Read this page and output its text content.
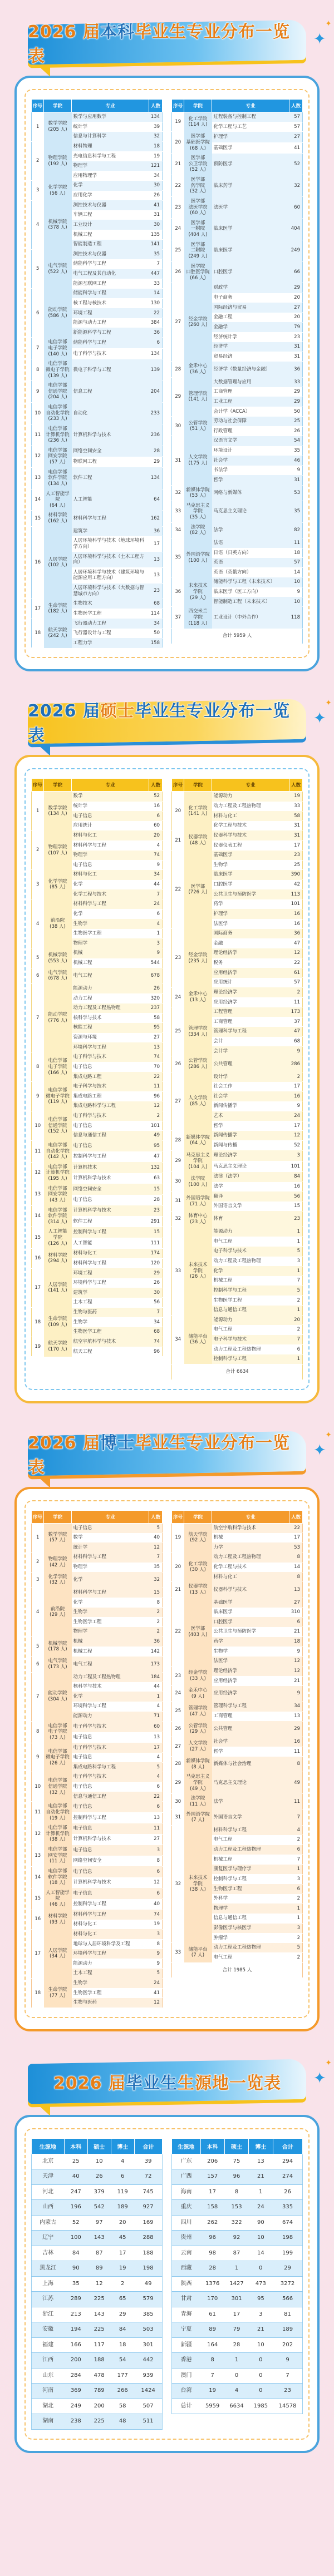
2026 届本科毕业生专业分布一览表
✦
✦
序号	学院	专业	人数
1	数学学院
(205 人)	数学与应用数学	134
		统计学	39
		信息与计算科学	32
2	物理学院
(192 人)	材料物理	18
		光电信息科学与工程	19
		物理学	121
		应用物理学	34
3	化学学院
(56 人)	化学	30
		应用化学	26
4	机械学院
(378 人)	测控技术与仪器	41
		车辆工程	31
		工业设计	30
		机械工程	135
		智能制造工程	141
5	电气学院
(522 人)	测控技术与仪器	35
		储能科学与工程	7
		电气工程及其自动化	447
		能源互联网工程	33
6	能动学院
(586 人)	储能科学与工程	14
		核工程与核技术	130
		环境工程	22
		能源与动力工程	384
		新能源科学与工程	36
7	电信学部
电子学院
(140 人)	储能科学与工程	6
		电子科学与技术	134
8	电信学部
微电子学院
(139 人)	微电子科学与工程	139
9	电信学部
信通学院
(204 人)	信息工程	204
10	电信学部
自动化学院
(233 人)	自动化	233
11	电信学部
计算机学院
(236 人)	计算机科学与技术	236
12	电信学部
网安学院
(57 人)	网络空间安全	28
		物联网工程	29
13	电信学部
软件学院
(134 人)	软件工程	134
14	人工智能学院
(64 人)	人工智能	64
15	材料学院
(162 人)	材料科学与工程	162
16	人居学院
(102 人)	建筑学	36
		人居环境科学与技术（地球环境科学方向）	17
		人居环境科学与技术（土木工程方向）	13
		人居环境科学与技术（建筑环境与能源应用工程方向）	13
		人居环境科学与技术（大数据与智慧城市方向）	23
17	生命学院
(182 人)	生物技术	68
		生物医学工程	114
18	航天学院
(242 人)	飞行器动力工程	34
		飞行器设计与工程	50
		工程力学	158
序号	学院	专业	人数
19	化工学院
(114 人)	过程装备与控制工程	57
		化学工程与工艺	57
20	医学部
基础医学院
(68 人)	护理学	27
		基础医学	41
21	医学部
公卫学院
(52 人)	预防医学	52
22	医学部
药学院
(32 人)	临床药学	32
23	医学部
法医学院
(60 人)	法医学	60
24	医学部
一附院
(404 人)	临床医学	404
25	医学部
二附院
(249 人)	临床医学	249
26	医学院
口腔医学院
(66 人)	口腔医学	66
27	经金学院
(260 人)	财政学	29
		电子商务	20
		国际经济与贸易	27
		金融工程	20
		金融学	79
		经济统计学	23
		经济学	31
		贸易经济	31
28	金禾中心
(36 人)	经济学（数量经济与金融）	36
29	管理学院
(141 人)	大数据管理与应用	33
		工商管理	29
		工业工程	29
		会计学（ACCA）	50
30	公管学院
(51 人)	劳动与社会保障	25
		行政管理	26
31	人文学院
(175 人)	汉语言文学	54
		环境设计	35
		社会学	46
		书法学	9
		哲学	31
32	新媒体学院
(53 人)	网络与新媒体	53
33	马克思主义
学院
(35 人)	马克思主义理论	35
34	法学院
(82 人)	法学	82
35	外国语学院
(100 人)	法语	11
		日语（日英方向）	18
		英语	57
		英语（英俄方向）	14
36	未来技术
学院
(29 人)	储能科学与工程（未来技术）	10
		临床医学（医工方向）	9
		智能制造工程（未来技术）	10
37	西交米兰
学院
(118 人)	工业设计（中外合作）	118
合计 5959 人			
2026 届硕士毕业生专业分布一览表
✦
✦
序号	学院	专业	人数
1	数学学院
(134 人)	数学	52
		统计学	16
		电子信息	6
		应用统计	60
2	物理学院
(107 人)	材料与化工	20
		材料科学与工程	4
		物理学	74
		电子信息	9
3	化学学院
(85 人)	材料与化工	34
		化学	44
		化学工程与技术	7
4	前沿院
(38 人)	材料科学与工程	24
		化学	6
		生物学	4
		生物医学工程	1
		物理学	3
5	机械学院
(553 人)	机械	9
		机械工程	544
6	电气学院
(678 人)	电气工程	678
7	能动学院
(776 人)	能源动力	26
		动力工程	320
		动力工程及工程热物理	237
		核科学与技术	58
		核能工程	95
		资源与环境	27
		环境科学与工程	13
8	电信学部
电子学院
(166 人)	电子科学与技术	74
		电子信息	70
		集成电路工程	22
9	电信学部
微电子学院
(119 人)	电子科学与技术	11
		集成电路工程	96
		集成电路科学与工程	12
10	电信学部
信通学院
(152 人)	电子科学与技术	2
		电子信息	101
		信息与通信工程	49
11	电信学部
自动化学院
(142 人)	电子信息	95
		控制科学与工程	47
12	电信学部
计算机学院
(195 人)	计算机技术	132
		计算机科学与技术	63
13	电信学部
网安学院
(43 人)	网络空间安全	15
		电子信息	28
14	电信学部
软件学院
(314 人)	计算机科学与技术	23
		软件工程	291
15	人工智能
学院
(126 人)	控制科学与工程	15
		人工智能	111
16	材料学院
(294 人)	材料与化工	174
		材料科学与工程	120
17	人居学院
(141 人)	环境工程	29
		环境科学与工程	26
		建筑学	30
		土木工程	56
18	生命学院
(109 人)	生物与医药	7
		生物学	34
		生物医学工程	68
19	航天学院
(170 人)	航空宇航科学与技术	74
		航天工程	96
序号	学院	专业	人数
20	化工学院
(141 人)	能源动力	19
		动力工程及工程热物理	33
		材料与化工	58
		化学工程与技术	31
21	仪器学院
(48 人)	仪器科学与技术	31
		仪器仪表工程	17
22	医学部
(726 人)	基础医学	23
		生物学	25
		临床医学	390
		口腔医学	42
		公共卫生与预防医学	113
		药学	101
		护理学	16
		法医学	16
23	经金学院
(235 人)	国际商务	36
		金融	47
		理论经济学	12
		税务	22
		应用经济学	61
		应用统计	57
24	金禾中心
(13 人)	理论经济学	2
		应用经济学	11
25	管理学院
(334 人)	工程管理	173
		工商管理	37
		管理科学与工程	47
		会计	68
		会计学	9
26	公管学院
(286 人)	公共管理	286
27	人文学院
(85 人)	设计学	2
		社会工作	17
		社会学	16
		新闻传播学	9
		艺术	24
		哲学	17
28	新媒体学院
(64 人)	新闻传播学	12
		新闻与传播	52
29	马克思主义
学院
(104 人)	理论经济学	3
		马克思主义理论	101
30	法学院
(100 人)	法律（法学）	84
		法学	16
31	外国语学院
(71 人)	翻译	56
		外国语言文学	15
32	体育中心
(23 人)	体育	23
33	未来技术
学院
(26 人)	能源动力	1
		电气工程	1
		电子科学与技术	5
		动力工程及工程热物理	3
		化学	1
		机械工程	7
		控制科学与工程	5
		生物医学工程	2
		信息与通信工程	1
34	储能平台
(36 人)	能源动力	20
		电气工程	2
		电子科学与技术	7
		动力工程及工程热物理	6
		控制科学与工程	1
合计 6634			
2026 届博士毕业生专业分布一览表
✦
✦
序号	学院	专业	人数
1	数学学院
(57 人)	电子信息	5
		数学	40
		统计学	12
2	物理学院
(42 人)	材料科学与工程	7
		物理学	35
3	化学学院
(32 人)	化学	32
4	前沿院
(29 人)	材料科学与工程	15
		化学	8
		生物学	2
		生物医学工程	2
		物理学	2
5	机械学院
(178 人)	机械	36
		机械工程	142
6	电气学院
(173 人)	电气工程	173
7	能动学院
(304 人)	动力工程及工程热物理	184
		核科学与技术	44
		化学	1
		环境科学与工程	4
		能源动力	71
8	电信学部
电子学院
(73 人)	电子科学与技术	60
		电子信息	13
9	电信学部
微电子学院
(26 人)	电子科学与技术	17
		电子信息	4
		集成电路科学与工程	5
10	电信学部
信通学院
(32 人)	电子科学与技术	4
		电子信息	6
		信息与通信工程	22
11	电信学部
自动化学院
(19 人)	电子信息	6
		控制科学与工程	13
12	电信学部
计算机学院
(38 人)	电子信息	11
		计算机科学与技术	27
13	电信学部
网安学院
(11 人)	电子信息	3
		网络空间安全	8
14	电信学部
软件学院
(18 人)	电子信息	6
		计算机科学与技术	12
15	人工智能学院
(46 人)	电子信息	6
		控制科学与工程	40
16	材料学院
(93 人)	材料科学与工程	74
		材料与化工	19
17	人居学院
(34 人)	材料与化工	3
		地球与人居环境科学及工程	8
		环境科学与工程	9
		能源动力	9
		土木工程	5
18	生命学院
(77 人)	生物学	24
		生物医学工程	41
		生物与医药	12
序号	学院	专业	人数
19	航天学院
(92 人)	航空宇航科学与技术	22
		机械	17
		力学	53
20	化工学院
(30 人)	动力工程及工程热物理	8
		化学工程与技术	14
		材料与化工	8
21	仪器学院
(13 人)	仪器科学与技术	13
22	医学部
(403 人)	基础医学	27
		临床医学	310
		口腔医学	6
		公共卫生与预防医学	21
		药学	18
		生物学	9
		法医学	12
23	经金学院
(33 人)	理论经济学	12
		应用经济学	21
24	金禾中心
(9 人)	应用经济学	9
25	管理学院
(47 人)	管理科学与工程	34
		工商管理	13
26	公管学院
(29 人)	公共管理	29
27	人文学院
(27 人)	社会学	16
		哲学	11
28	新媒体学院
(8 人)	新媒体与社会治理	8
29	马克思主义
学院
(49 人)	马克思主义理论	49
30	法学院
(11 人)	法学	11
31	外国语学院
(7 人)	外国语言文学	7
32	未来技术
学院
(38 人)	材料科学与工程	4
		电气工程	2
		动力工程及工程热物理	6
		机械工程	7
		康复医学与理疗学	1
		控制科学与工程	3
		生物医学工程	6
		外科学	2
		物理学	1
		信息与通信工程	1
		影像医学与核医学	3
		肿瘤学	2
33	储能平台
(7 人)	动力工程及工程热物理	5
		电气工程	2
合计 1985 人			
2026 届毕业生生源地一览表 ✦
✦
生源地	本科	硕士	博士	合计
北京	25	10	4	39
天津	40	26	6	72
河北	247	379	119	745
山西	196	542	189	927
内蒙古	52	97	20	169
辽宁	100	143	45	288
吉林	84	87	17	188
黑龙江	90	89	19	198
上海	35	12	2	49
江苏	289	225	65	579
浙江	213	143	29	385
安徽	194	225	84	503
福建	166	117	18	301
江西	200	188	54	442
山东	284	478	177	939
河南	369	789	266	1424
湖北	249	200	58	507
湖南	238	225	48	511
生源地	本科	硕士	博士	合计
广东	206	75	13	294
广西	157	96	21	274
海南	17	8	1	26
重庆	158	153	24	335
四川	262	322	90	674
贵州	96	92	10	198
云南	98	87	14	199
西藏	28	1	0	29
陕西	1376	1427	473	3272
甘肃	170	301	95	566
青海	61	17	3	81
宁夏	89	79	21	189
新疆	164	28	10	202
香港	8	1	0	9
澳门	7	0	0	7
台湾	19	4	0	23
总计	5959	6634	1985	14578
